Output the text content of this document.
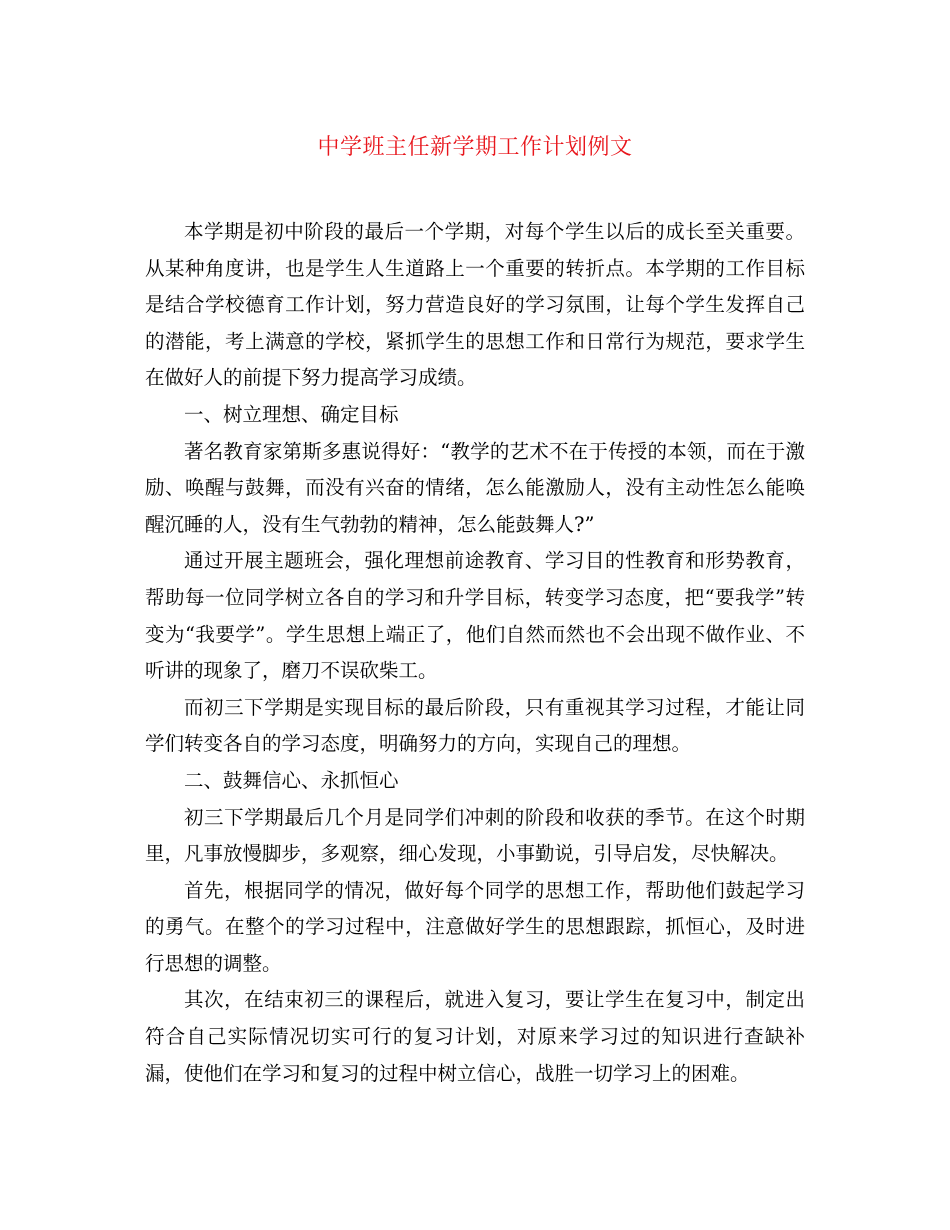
中学班主任新学期工作计划例文

本学期是初中阶段的最后一个学期，对每个学生以后的成长至关重要。从某种角度讲，也是学生人生道路上一个重要的转折点。本学期的工作目标是结合学校德育工作计划，努力营造良好的学习氛围，让每个学生发挥自己的潜能，考上满意的学校，紧抓学生的思想工作和日常行为规范，要求学生在做好人的前提下努力提高学习成绩。

一、树立理想、确定目标

著名教育家第斯多惠说得好：“教学的艺术不在于传授的本领，而在于激励、唤醒与鼓舞，而没有兴奋的情绪，怎么能激励人，没有主动性怎么能唤醒沉睡的人，没有生气勃勃的精神，怎么能鼓舞人?”

通过开展主题班会，强化理想前途教育、学习目的性教育和形势教育，帮助每一位同学树立各自的学习和升学目标，转变学习态度，把“要我学”转变为“我要学”。学生思想上端正了，他们自然而然也不会出现不做作业、不听讲的现象了，磨刀不误砍柴工。

而初三下学期是实现目标的最后阶段，只有重视其学习过程，才能让同学们转变各自的学习态度，明确努力的方向，实现自己的理想。

二、鼓舞信心、永抓恒心

初三下学期最后几个月是同学们冲刺的阶段和收获的季节。在这个时期里，凡事放慢脚步，多观察，细心发现，小事勤说，引导启发，尽快解决。

首先，根据同学的情况，做好每个同学的思想工作，帮助他们鼓起学习的勇气。在整个的学习过程中，注意做好学生的思想跟踪，抓恒心，及时进行思想的调整。

其次，在结束初三的课程后，就进入复习，要让学生在复习中，制定出符合自己实际情况切实可行的复习计划，对原来学习过的知识进行查缺补漏，使他们在学习和复习的过程中树立信心，战胜一切学习上的困难。
